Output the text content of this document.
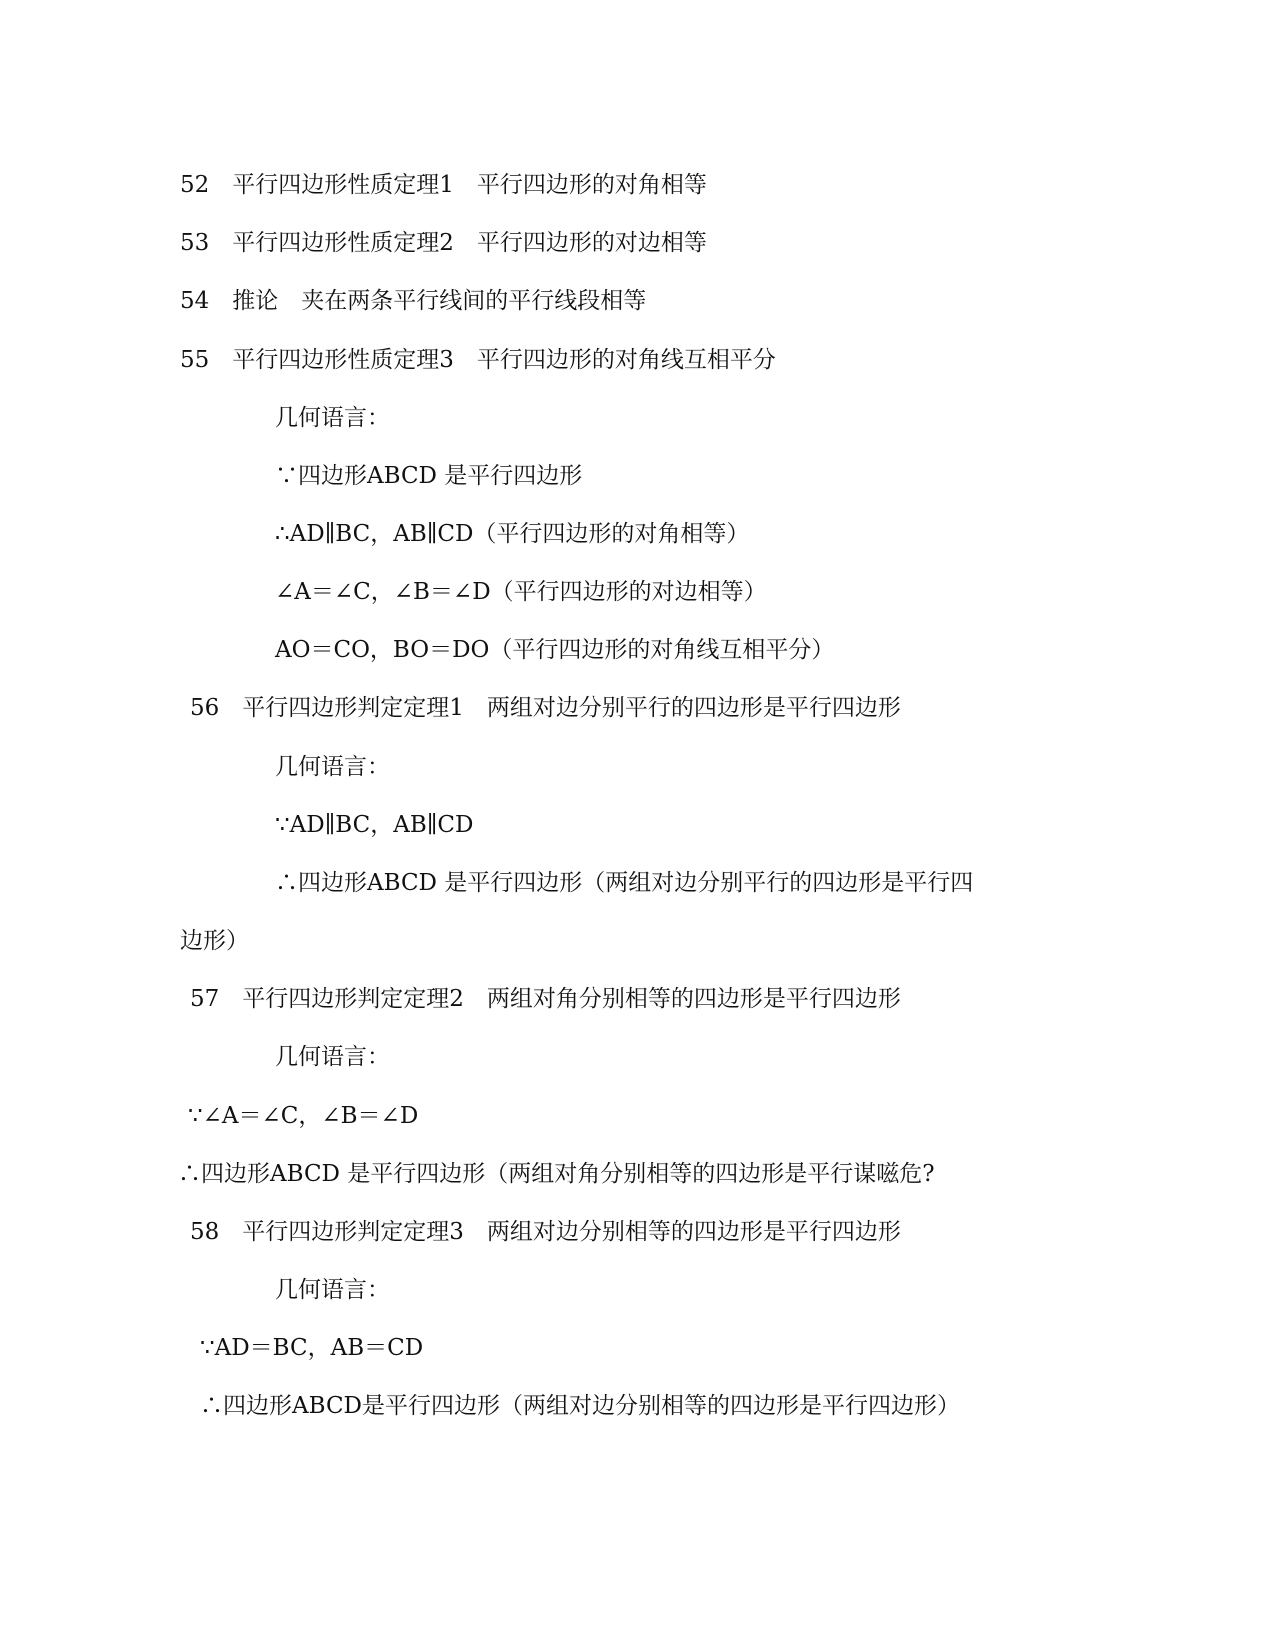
52　平行四边形性质定理1　平行四边形的对角相等
53　平行四边形性质定理2　平行四边形的对边相等
54　推论　夹在两条平行线间的平行线段相等
55　平行四边形性质定理3　平行四边形的对角线互相平分
几何语言：
∵四边形ABCD 是平行四边形
∴AD∥BC，AB∥CD（平行四边形的对角相等）
∠A＝∠C，∠B＝∠D（平行四边形的对边相等）
AO＝CO，BO＝DO（平行四边形的对角线互相平分）
56　平行四边形判定定理1　两组对边分别平行的四边形是平行四边形
几何语言：
∵AD∥BC，AB∥CD
∴四边形ABCD 是平行四边形（两组对边分别平行的四边形是平行四
边形）
57　平行四边形判定定理2　两组对角分别相等的四边形是平行四边形
几何语言：
∵∠A＝∠C，∠B＝∠D
∴四边形ABCD 是平行四边形（两组对角分别相等的四边形是平行谋嗞危?
58　平行四边形判定定理3　两组对边分别相等的四边形是平行四边形
几何语言：
∵AD＝BC，AB＝CD
∴四边形ABCD是平行四边形（两组对边分别相等的四边形是平行四边形）
